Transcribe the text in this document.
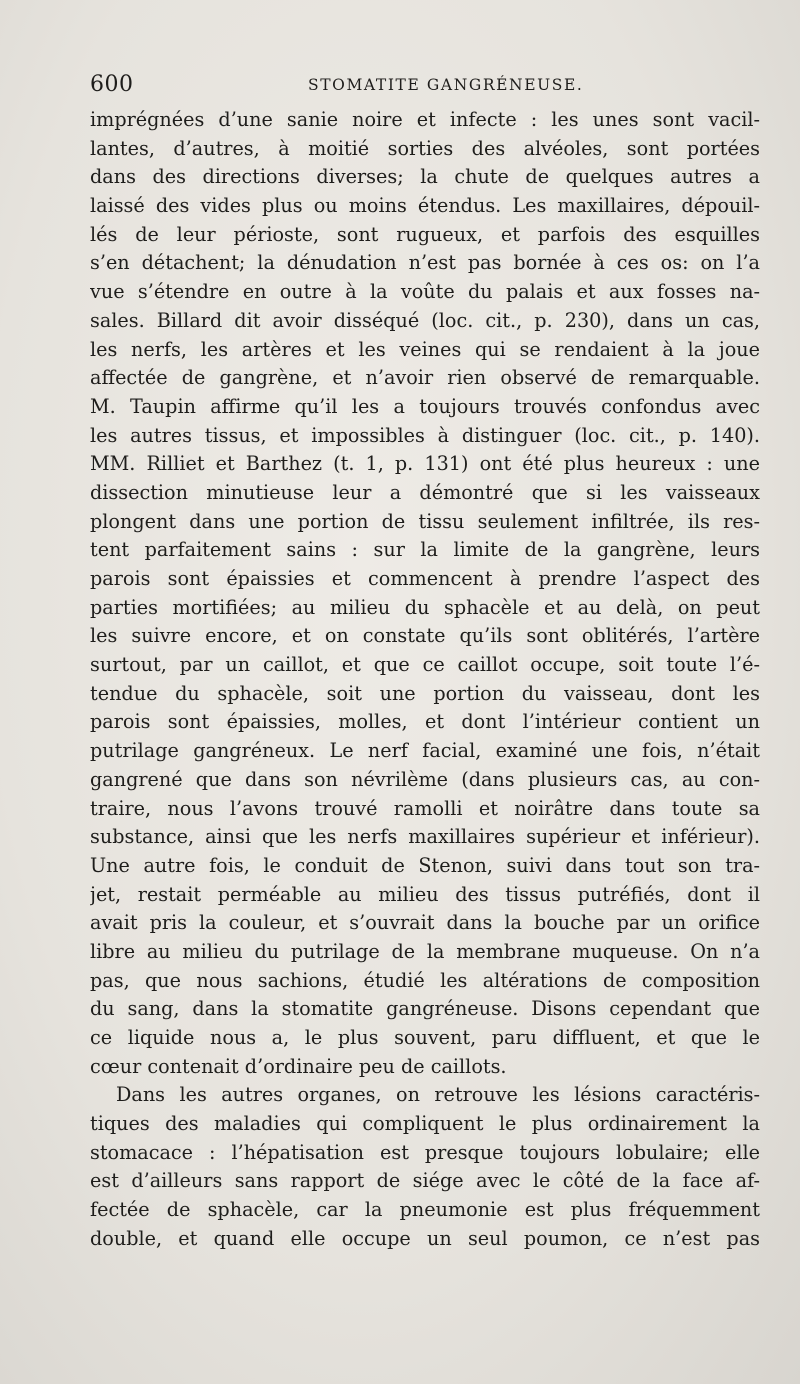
600	STOMATITE GANGRÉNEUSE.
imprégnées d’une sanie noire et infecte : les unes sont vacil-
lantes, d’autres, à moitié sorties des alvéoles, sont portées
dans des directions diverses; la chute de quelques autres a
laissé des vides plus ou moins étendus. Les maxillaires, dépouil-
lés de leur périoste, sont rugueux, et parfois des esquilles
s’en détachent; la dénudation n’est pas bornée à ces os: on l’a
vue s’étendre en outre à la voûte du palais et aux fosses na-
sales. Billard dit avoir disséqué (loc. cit., p. 230), dans un cas,
les nerfs, les artères et les veines qui se rendaient à la joue
affectée de gangrène, et n’avoir rien observé de remarquable.
M. Taupin affirme qu’il les a toujours trouvés confondus avec
les autres tissus, et impossibles à distinguer (loc. cit., p. 140).
MM. Rilliet et Barthez (t. 1, p. 131) ont été plus heureux : une
dissection minutieuse leur a démontré que si les vaisseaux
plongent dans une portion de tissu seulement infiltrée, ils res-
tent parfaitement sains : sur la limite de la gangrène, leurs
parois sont épaissies et commencent à prendre l’aspect des
parties mortifiées; au milieu du sphacèle et au delà, on peut
les suivre encore, et on constate qu’ils sont oblitérés, l’artère
surtout, par un caillot, et que ce caillot occupe, soit toute l’é-
tendue du sphacèle, soit une portion du vaisseau, dont les
parois sont épaissies, molles, et dont l’intérieur contient un
putrilage gangréneux. Le nerf facial, examiné une fois, n’était
gangrené que dans son névrilème (dans plusieurs cas, au con-
traire, nous l’avons trouvé ramolli et noirâtre dans toute sa
substance, ainsi que les nerfs maxillaires supérieur et inférieur).
Une autre fois, le conduit de Stenon, suivi dans tout son tra-
jet, restait perméable au milieu des tissus putréfiés, dont il
avait pris la couleur, et s’ouvrait dans la bouche par un orifice
libre au milieu du putrilage de la membrane muqueuse. On n’a
pas, que nous sachions, étudié les altérations de composition
du sang, dans la stomatite gangréneuse. Disons cependant que
ce liquide nous a, le plus souvent, paru diffluent, et que le
cœur contenait d’ordinaire peu de caillots.
Dans les autres organes, on retrouve les lésions caractéris-
tiques des maladies qui compliquent le plus ordinairement la
stomacace : l’hépatisation est presque toujours lobulaire; elle
est d’ailleurs sans rapport de siége avec le côté de la face af-
fectée de sphacèle, car la pneumonie est plus fréquemment
double, et quand elle occupe un seul poumon, ce n’est pas
